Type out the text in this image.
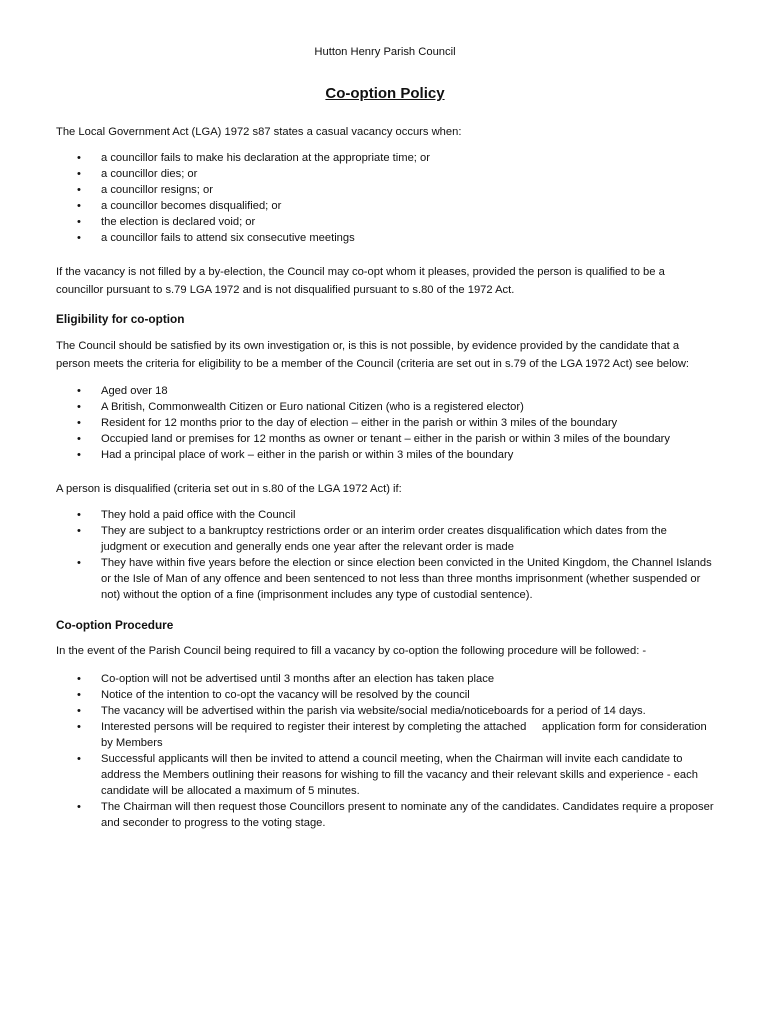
Hutton Henry Parish Council

Co-option Policy

The Local Government Act (LGA) 1972 s87 states a casual vacancy occurs when:

• a councillor fails to make his declaration at the appropriate time; or
• a councillor dies; or
• a councillor resigns; or
• a councillor becomes disqualified; or
• the election is declared void; or
• a councillor fails to attend six consecutive meetings

If the vacancy is not filled by a by-election, the Council may co-opt whom it pleases, provided the person is qualified to be a councillor pursuant to s.79 LGA 1972 and is not disqualified pursuant to s.80 of the 1972 Act.

Eligibility for co-option

The Council should be satisfied by its own investigation or, is this is not possible, by evidence provided by the candidate that a person meets the criteria for eligibility to be a member of the Council (criteria are set out in s.79 of the LGA 1972 Act) see below:

• Aged over 18
• A British, Commonwealth Citizen or Euro national Citizen (who is a registered elector)
• Resident for 12 months prior to the day of election – either in the parish or within 3 miles of the boundary
• Occupied land or premises for 12 months as owner or tenant – either in the parish or within 3 miles of the boundary
• Had a principal place of work – either in the parish or within 3 miles of the boundary

A person is disqualified (criteria set out in s.80 of the LGA 1972 Act) if:

• They hold a paid office with the Council
• They are subject to a bankruptcy restrictions order or an interim order creates disqualification which dates from the judgment or execution and generally ends one year after the relevant order is made
• They have within five years before the election or since election been convicted in the United Kingdom, the Channel Islands or the Isle of Man of any offence and been sentenced to not less than three months imprisonment (whether suspended or not) without the option of a fine (imprisonment includes any type of custodial sentence).
Co-option Procedure

In the event of the Parish Council being required to fill a vacancy by co-option the following procedure will be followed: -

• Co-option will not be advertised until 3 months after an election has taken place
• Notice of the intention to co-opt the vacancy will be resolved by the council
• The vacancy will be advertised within the parish via website/social media/noticeboards for a period of 14 days.
• Interested persons will be required to register their interest by completing the attached     application form for consideration by Members
• Successful applicants will then be invited to attend a council meeting, when the Chairman will invite each candidate to address the Members outlining their reasons for wishing to fill the vacancy and their relevant skills and experience - each candidate will be allocated a maximum of 5 minutes.
• The Chairman will then request those Councillors present to nominate any of the candidates. Candidates require a proposer and seconder to progress to the voting stage.
